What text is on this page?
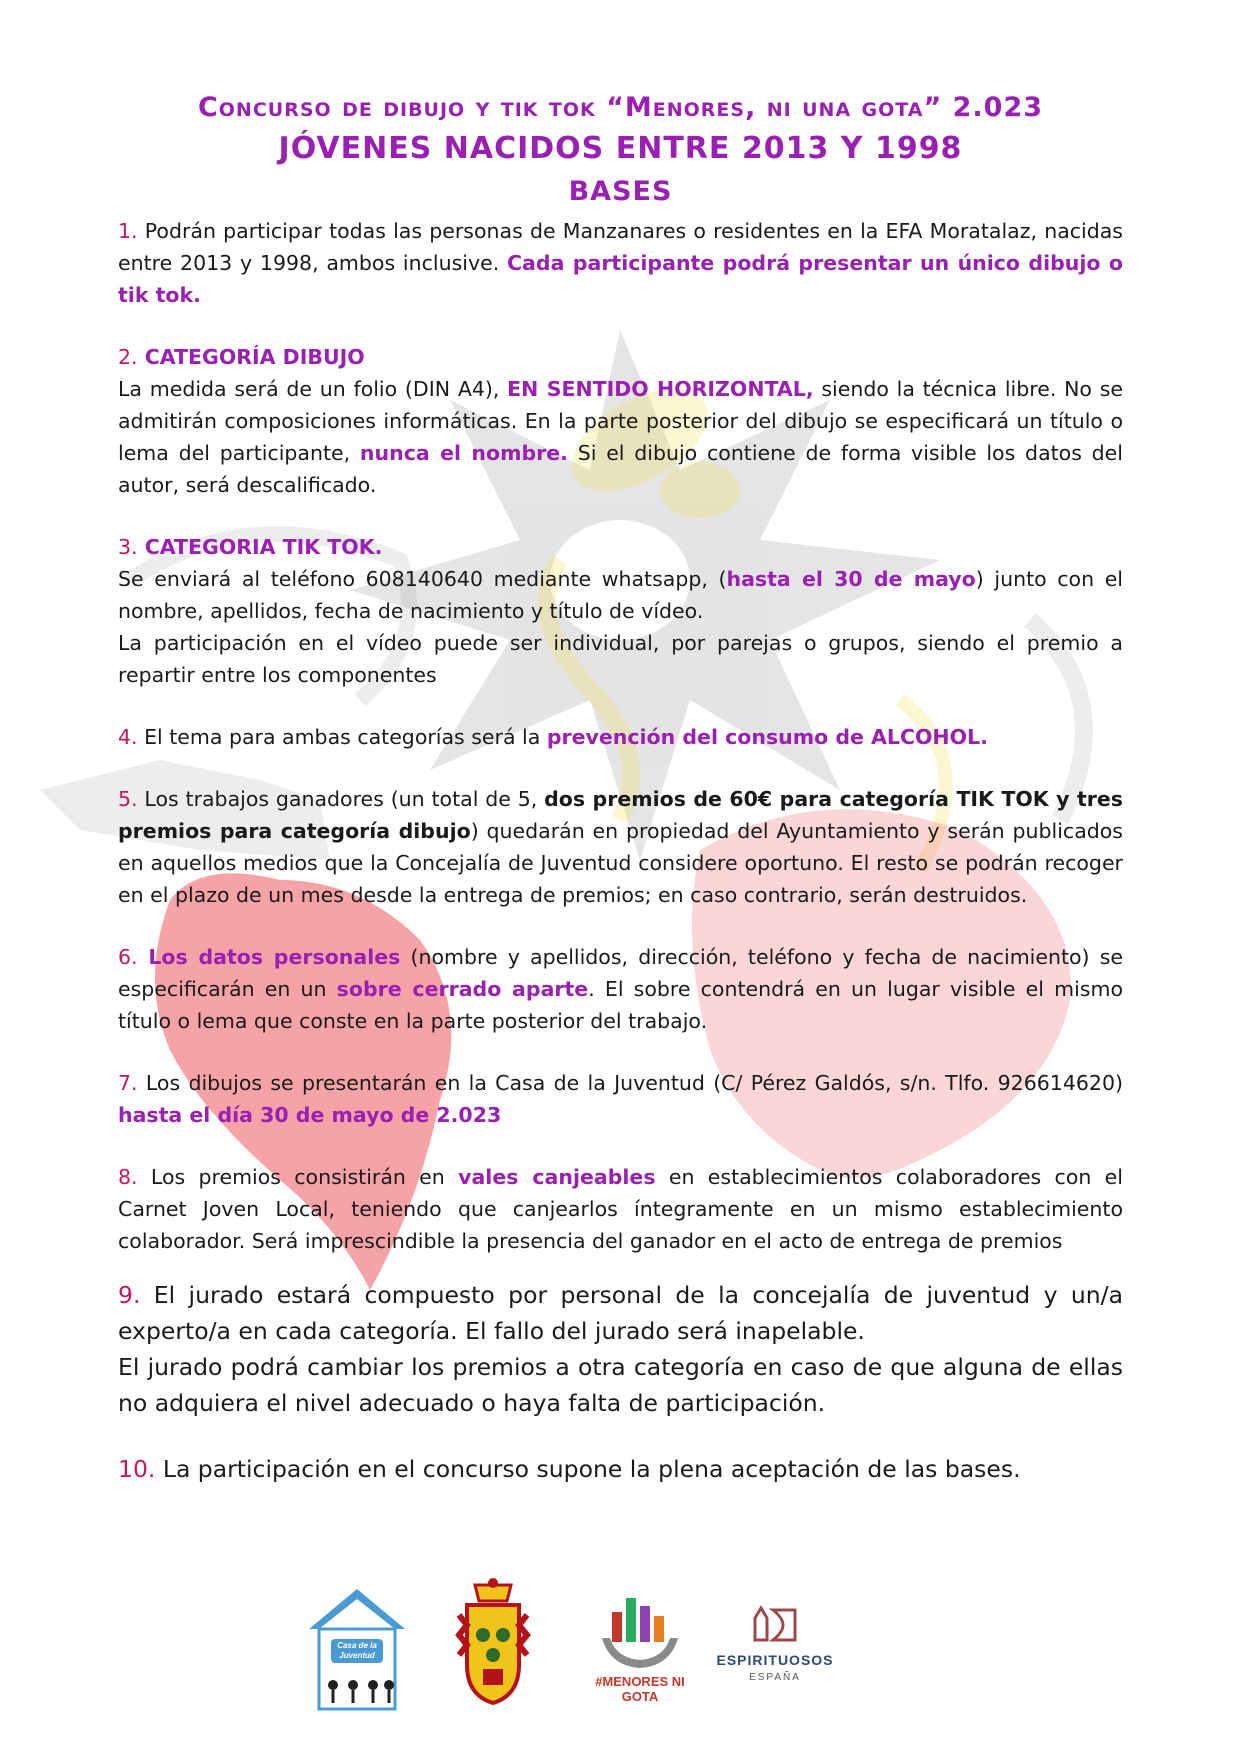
Concurso de dibujo y tik tok “Menores, ni una gota” 2.023
JÓVENES NACIDOS ENTRE 2013 Y 1998
BASES

1. Podrán participar todas las personas de Manzanares o residentes en la EFA Moratalaz, nacidas entre 2013 y 1998, ambos inclusive. Cada participante podrá presentar un único dibujo o tik tok.

2. CATEGORÍA DIBUJO

La medida será de un folio (DIN A4), EN SENTIDO HORIZONTAL, siendo la técnica libre. No se admitirán composiciones informáticas. En la parte posterior del dibujo se especificará un título o lema del participante, nunca el nombre. Si el dibujo contiene de forma visible los datos del autor, será descalificado.

3. CATEGORIA TIK TOK.

Se enviará al teléfono 608140640 mediante whatsapp, (hasta el 30 de mayo) junto con el nombre, apellidos, fecha de nacimiento y título de vídeo.

La participación en el vídeo puede ser individual, por parejas o grupos, siendo el premio a repartir entre los componentes

4. El tema para ambas categorías será la prevención del consumo de ALCOHOL.

5. Los trabajos ganadores (un total de 5, dos premios de 60€ para categoría TIK TOK y tres premios para categoría dibujo) quedarán en propiedad del Ayuntamiento y serán publicados en aquellos medios que la Concejalía de Juventud considere oportuno. El resto se podrán recoger en el plazo de un mes desde la entrega de premios; en caso contrario, serán destruidos.

6. Los datos personales (nombre y apellidos, dirección, teléfono y fecha de nacimiento) se especificarán en un sobre cerrado aparte. El sobre contendrá en un lugar visible el mismo título o lema que conste en la parte posterior del trabajo.

7. Los dibujos se presentarán en la Casa de la Juventud (C/ Pérez Galdós, s/n. Tlfo. 926614620) hasta el día 30 de mayo de 2.023

8. Los premios consistirán en vales canjeables en establecimientos colaboradores con el Carnet Joven Local, teniendo que canjearlos íntegramente en un mismo establecimiento colaborador. Será imprescindible la presencia del ganador en el acto de entrega de premios

9. El jurado estará compuesto por personal de la concejalía de juventud y un/a experto/a en cada categoría. El fallo del jurado será inapelable.

El jurado podrá cambiar los premios a otra categoría en caso de que alguna de ellas no adquiera el nivel adecuado o haya falta de participación.

10. La participación en el concurso supone la plena aceptación de las bases.

Casa de la Juventud
#MENORES NI GOTA
ESPIRITUOSOS
ESPAÑA
